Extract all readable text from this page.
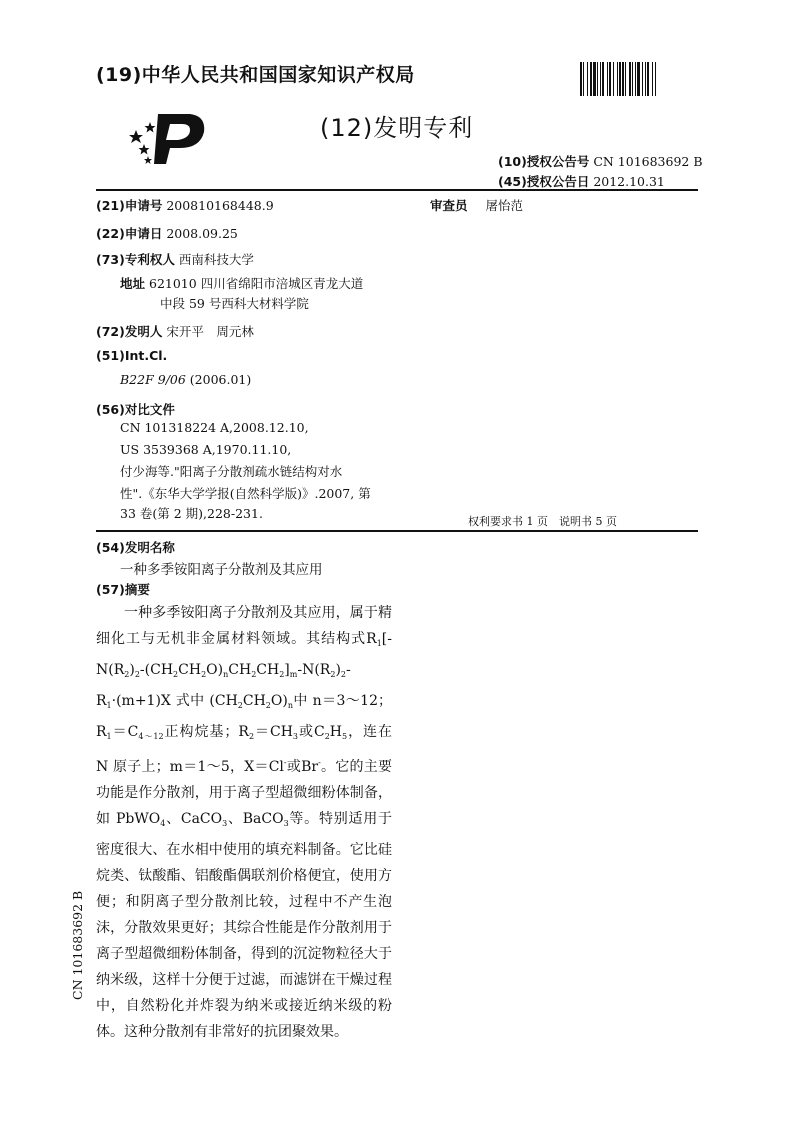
(19)中华人民共和国国家知识产权局
(12)发明专利
(10)授权公告号 CN 101683692 B
(45)授权公告日 2012.10.31
(21)申请号 200810168448.9	审查员 屠怡范
(22)申请日 2008.09.25
(73)专利权人 西南科技大学
地址 621010 四川省绵阳市涪城区青龙大道
中段 59 号西科大材料学院
(72)发明人 宋开平　周元林
(51)Int.Cl.
B22F 9/06 (2006.01)
(56)对比文件
CN 101318224 A,2008.12.10,
US 3539368 A,1970.11.10,
付少海等."阳离子分散剂疏水链结构对水
性".《东华大学学报(自然科学版)》.2007, 第
33 卷(第 2 期),228-231.
权利要求书 1 页　说明书 5 页
(54)发明名称
一种多季铵阳离子分散剂及其应用
(57)摘要

一种多季铵阳离子分散剂及其应用，属于精细化工与无机非金属材料领域。其结构式$R_1[-N(R_2)_2-(CH_2CH_2O)_nCH_2CH_2]_m-N(R_2)_2-R_1\cdot(m+1)X$ 式中 $(CH_2CH_2O)_n$中 n＝3～12；$R_1=C_{4\sim 12}$正构烷基；$R_2=CH_3$或$C_2H_5$，连在 N 原子上；m＝1～5，X＝Cl-或Br-。它的主要功能是作分散剂，用于离子型超微细粉体制备，如 PbWO$_4$、CaCO$_3$、BaCO$_3$等。特别适用于密度很大、在水相中使用的填充料制备。它比硅烷类、钛酸酯、铝酸酯偶联剂价格便宜，使用方便；和阴离子型分散剂比较，过程中不产生泡沫，分散效果更好；其综合性能是作分散剂用于离子型超微细粉体制备，得到的沉淀物粒径大于纳米级，这样十分便于过滤，而滤饼在干燥过程中，自然粉化并炸裂为纳米或接近纳米级的粉体。这种分散剂有非常好的抗团聚效果。

CN 101683692 B
